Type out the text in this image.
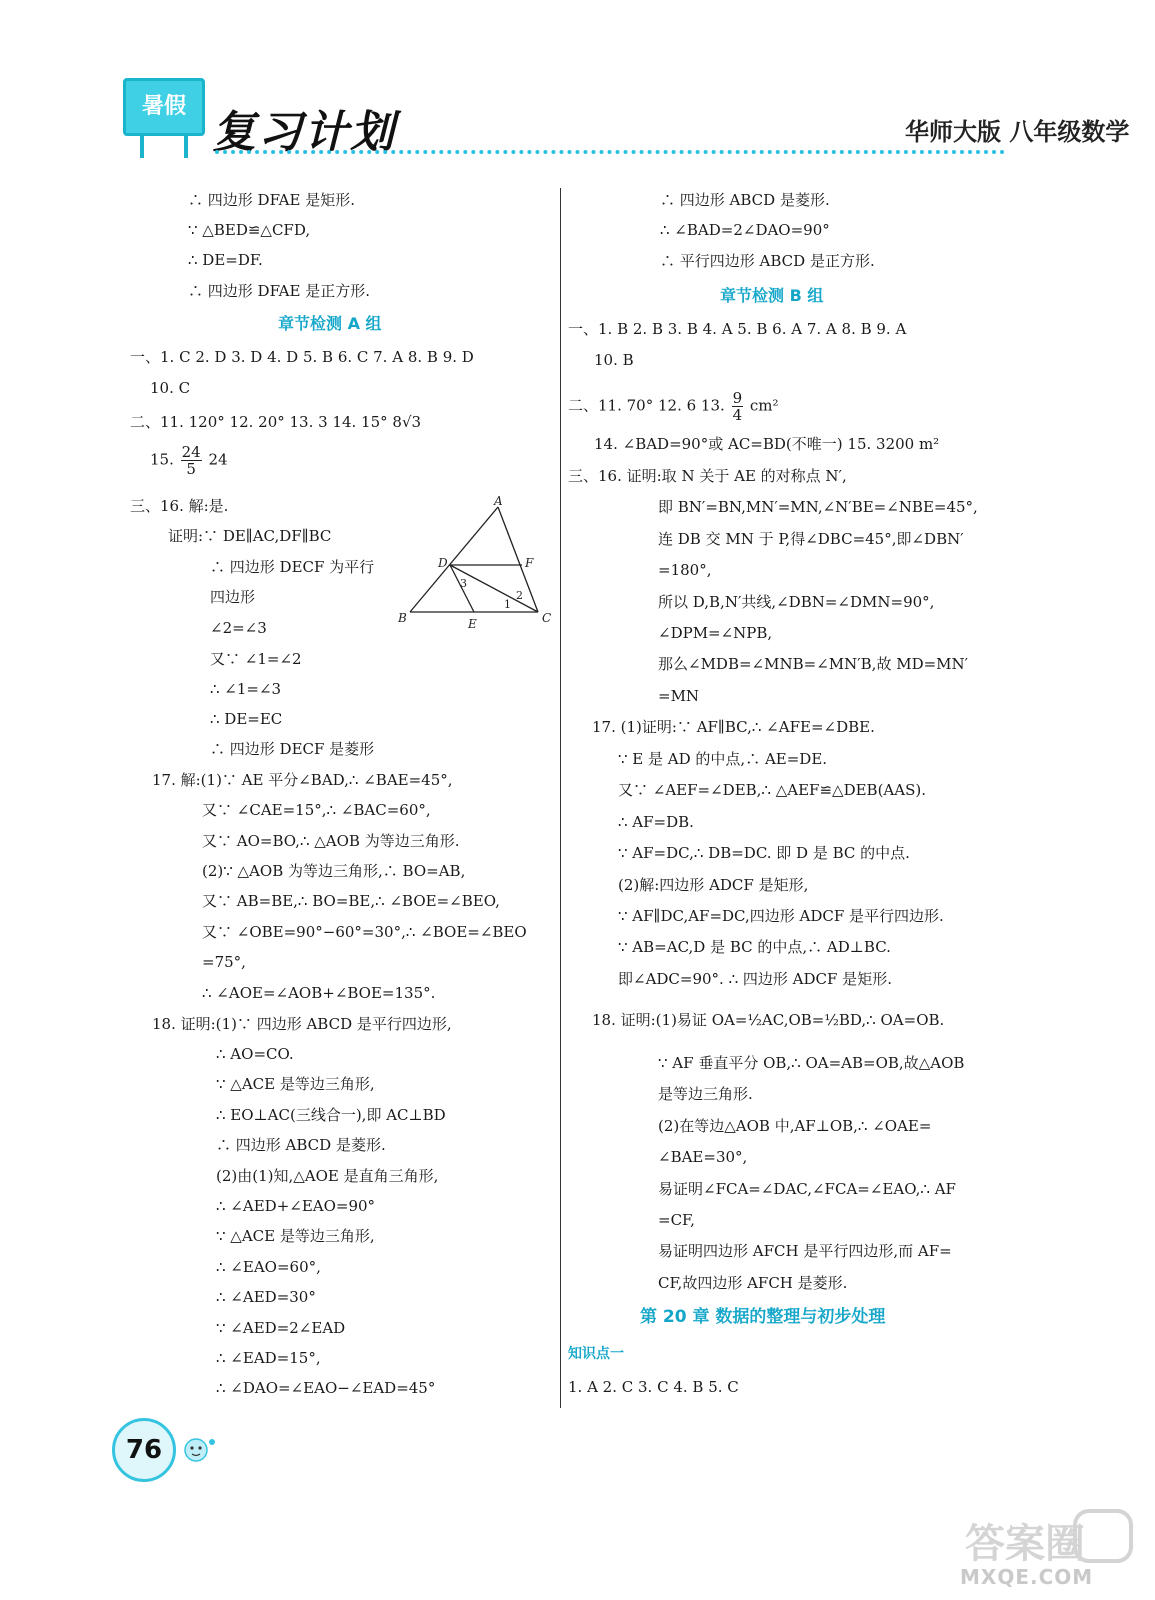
暑假
复习计划	华师大版 八年级数学
∴ 四边形 DFAE 是矩形.
∵ △BED≌△CFD,
∴ DE=DF.
∴ 四边形 DFAE 是正方形.
章节检测 A 组
一、1. C 2. D 3. D 4. D 5. B 6. C 7. A 8. B 9. D
10. C
二、11. 120° 12. 20° 13. 3 14. 15° 8√3
15. $\frac{24}{5} 24$
三、16. 解:是.
证明:∵ DE∥AC,DF∥BC
∴ 四边形 DECF 为平行
四边形
∠2=∠3
又∵ ∠1=∠2
∴ ∠1=∠3
∴ DE=EC
∴ 四边形 DECF 是菱形
17. 解:(1)∵ AE 平分∠BAD,∴ ∠BAE=45°,
又∵ ∠CAE=15°,∴ ∠BAC=60°,
又∵ AO=BO,∴ △AOB 为等边三角形.
(2)∵ △AOB 为等边三角形,∴ BO=AB,
又∵ AB=BE,∴ BO=BE,∴ ∠BOE=∠BEO,
又∵ ∠OBE=90°−60°=30°,∴ ∠BOE=∠BEO
=75°,
∴ ∠AOE=∠AOB+∠BOE=135°.
18. 证明:(1)∵ 四边形 ABCD 是平行四边形,
∴ AO=CO.
∵ △ACE 是等边三角形,
∴ EO⊥AC(三线合一),即 AC⊥BD
∴ 四边形 ABCD 是菱形.
(2)由(1)知,△AOE 是直角三角形,
∴ ∠AED+∠EAO=90°
∵ △ACE 是等边三角形,
∴ ∠EAO=60°,
∴ ∠AED=30°
∵ ∠AED=2∠EAD
∴ ∠EAD=15°,
∴ ∠DAO=∠EAO−∠EAD=45°
A
B	C
D
E
F
1
2
3
∴ 四边形 ABCD 是菱形.
∴ ∠BAD=2∠DAO=90°
∴ 平行四边形 ABCD 是正方形.
章节检测 B 组
一、1. B 2. B 3. B 4. A 5. B 6. A 7. A 8. B 9. A
10. B
二、11. 70° 12. 6 13. $\frac{9}{4} cm^2$
14. ∠BAD=90°或 AC=BD(不唯一) 15. 3200 m²
三、16. 证明:取 N 关于 AE 的对称点 N′,
即 BN′=BN,MN′=MN,∠N′BE=∠NBE=45°,
连 DB 交 MN 于 P,得∠DBC=45°,即∠DBN′
=180°,
所以 D,B,N′共线,∠DBN=∠DMN=90°,
∠DPM=∠NPB,
那么∠MDB=∠MNB=∠MN′B,故 MD=MN′
=MN
17. (1)证明:∵ AF∥BC,∴ ∠AFE=∠DBE.
∵ E 是 AD 的中点,∴ AE=DE.
又∵ ∠AEF=∠DEB,∴ △AEF≌△DEB(AAS).
∴ AF=DB.
∵ AF=DC,∴ DB=DC. 即 D 是 BC 的中点.
(2)解:四边形 ADCF 是矩形,
∵ AF∥DC,AF=DC,四边形 ADCF 是平行四边形.
∵ AB=AC,D 是 BC 的中点,∴ AD⊥BC.
即∠ADC=90°. ∴ 四边形 ADCF 是矩形.
18. 证明:(1)易证 OA=½AC,OB=½BD,∴ OA=OB.
∵ AF 垂直平分 OB,∴ OA=AB=OB,故△AOB
是等边三角形.
(2)在等边△AOB 中,AF⊥OB,∴ ∠OAE=
∠BAE=30°,
易证明∠FCA=∠DAC,∠FCA=∠EAO,∴ AF
=CF,
易证明四边形 AFCH 是平行四边形,而 AF=
CF,故四边形 AFCH 是菱形.
第 20 章 数据的整理与初步处理
知识点一
1. A 2. C 3. C 4. B 5. C
76
答案圈
MXQE.COM
